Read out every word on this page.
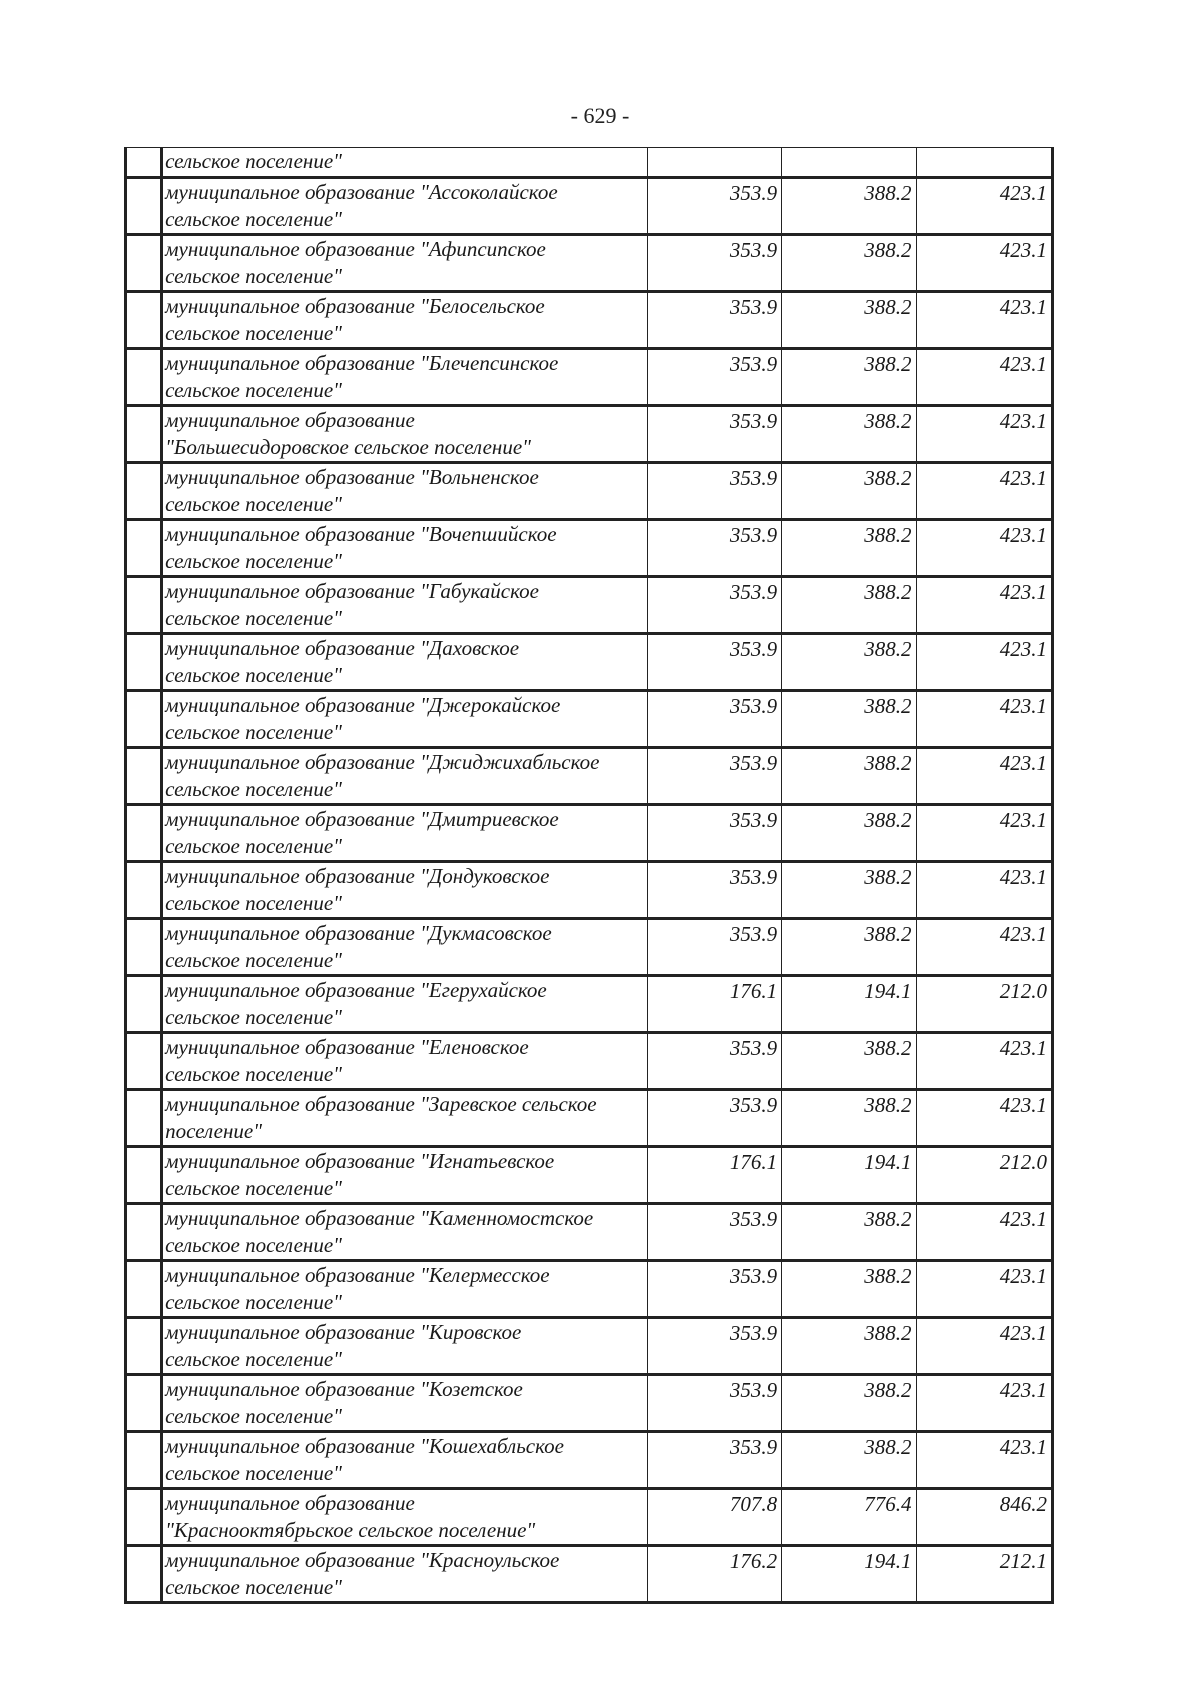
- 629 -

	сельское поселение"			

	муниципальное образование "Ассоколайское
сельское поселение"	353.9	388.2	423.1

	муниципальное образование "Афипсипское
сельское поселение"	353.9	388.2	423.1

	муниципальное образование "Белосельское
сельское поселение"	353.9	388.2	423.1

	муниципальное образование "Блечепсинское
сельское поселение"	353.9	388.2	423.1

	муниципальное образование
"Большесидоровское сельское поселение"	353.9	388.2	423.1

	муниципальное образование "Вольненское
сельское поселение"	353.9	388.2	423.1

	муниципальное образование "Вочепшийское
сельское поселение"	353.9	388.2	423.1

	муниципальное образование "Габукайское
сельское поселение"	353.9	388.2	423.1

	муниципальное образование "Даховское
сельское поселение"	353.9	388.2	423.1

	муниципальное образование "Джерокайское
сельское поселение"	353.9	388.2	423.1

	муниципальное образование "Джиджихабльское
сельское поселение"	353.9	388.2	423.1

	муниципальное образование "Дмитриевское
сельское поселение"	353.9	388.2	423.1

	муниципальное образование "Дондуковское
сельское поселение"	353.9	388.2	423.1

	муниципальное образование "Дукмасовское
сельское поселение"	353.9	388.2	423.1

	муниципальное образование "Егерухайское
сельское поселение"	176.1	194.1	212.0

	муниципальное образование "Еленовское
сельское поселение"	353.9	388.2	423.1

	муниципальное образование "Заревское сельское
поселение"	353.9	388.2	423.1

	муниципальное образование "Игнатьевское
сельское поселение"	176.1	194.1	212.0

	муниципальное образование "Каменномостское
сельское поселение"	353.9	388.2	423.1

	муниципальное образование "Келермесское
сельское поселение"	353.9	388.2	423.1

	муниципальное образование "Кировское
сельское поселение"	353.9	388.2	423.1

	муниципальное образование "Козетское
сельское поселение"	353.9	388.2	423.1

	муниципальное образование "Кошехабльское
сельское поселение"	353.9	388.2	423.1

	муниципальное образование
"Красноoктябрьское сельское поселение"	707.8	776.4	846.2

	муниципальное образование "Красноульское
сельское поселение"	176.2	194.1	212.1
